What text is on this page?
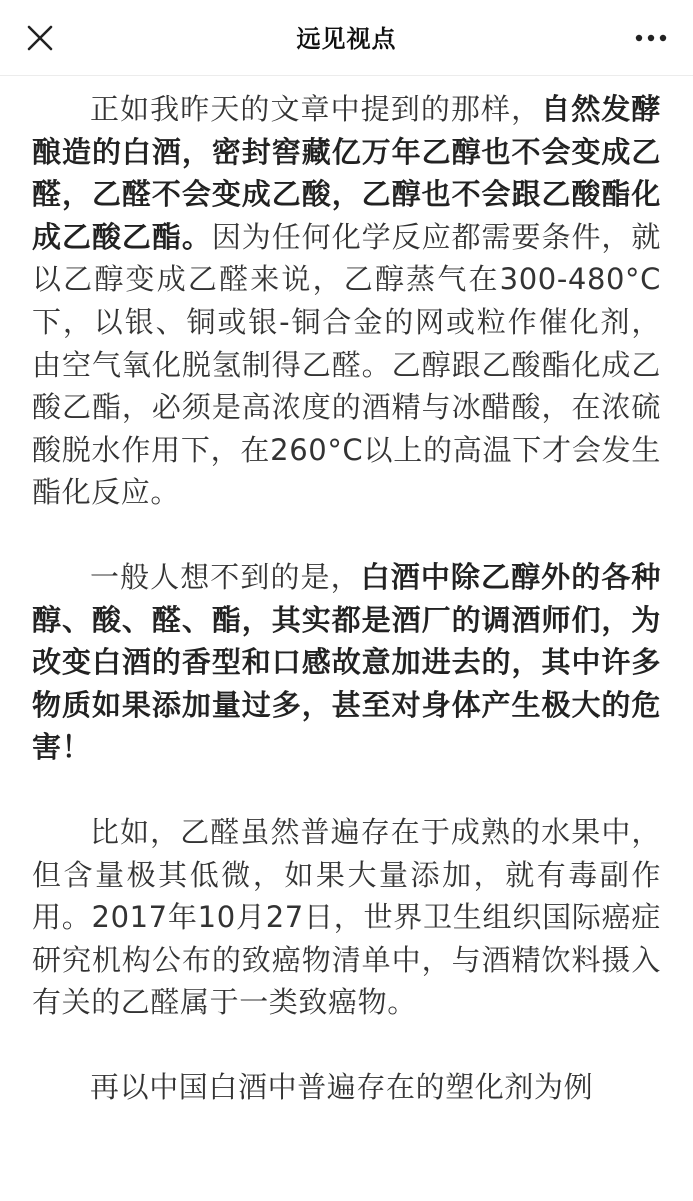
远见视点

正如我昨天的文章中提到的那样，自然发酵酿造的白酒，密封窖藏亿万年乙醇也不会变成乙醛，乙醛不会变成乙酸，乙醇也不会跟乙酸酯化成乙酸乙酯。因为任何化学反应都需要条件，就以乙醇变成乙醛来说，乙醇蒸气在300-480°C下，以银、铜或银-铜合金的网或粒作催化剂，由空气氧化脱氢制得乙醛。乙醇跟乙酸酯化成乙酸乙酯，必须是高浓度的酒精与冰醋酸，在浓硫酸脱水作用下，在260°C以上的高温下才会发生酯化反应。

一般人想不到的是，白酒中除乙醇外的各种醇、酸、醛、酯，其实都是酒厂的调酒师们，为改变白酒的香型和口感故意加进去的，其中许多物质如果添加量过多，甚至对身体产生极大的危害！

比如，乙醛虽然普遍存在于成熟的水果中，但含量极其低微，如果大量添加，就有毒副作用。2017年10月27日，世界卫生组织国际癌症研究机构公布的致癌物清单中，与酒精饮料摄入有关的乙醛属于一类致癌物。

再以中国白酒中普遍存在的塑化剂为例
